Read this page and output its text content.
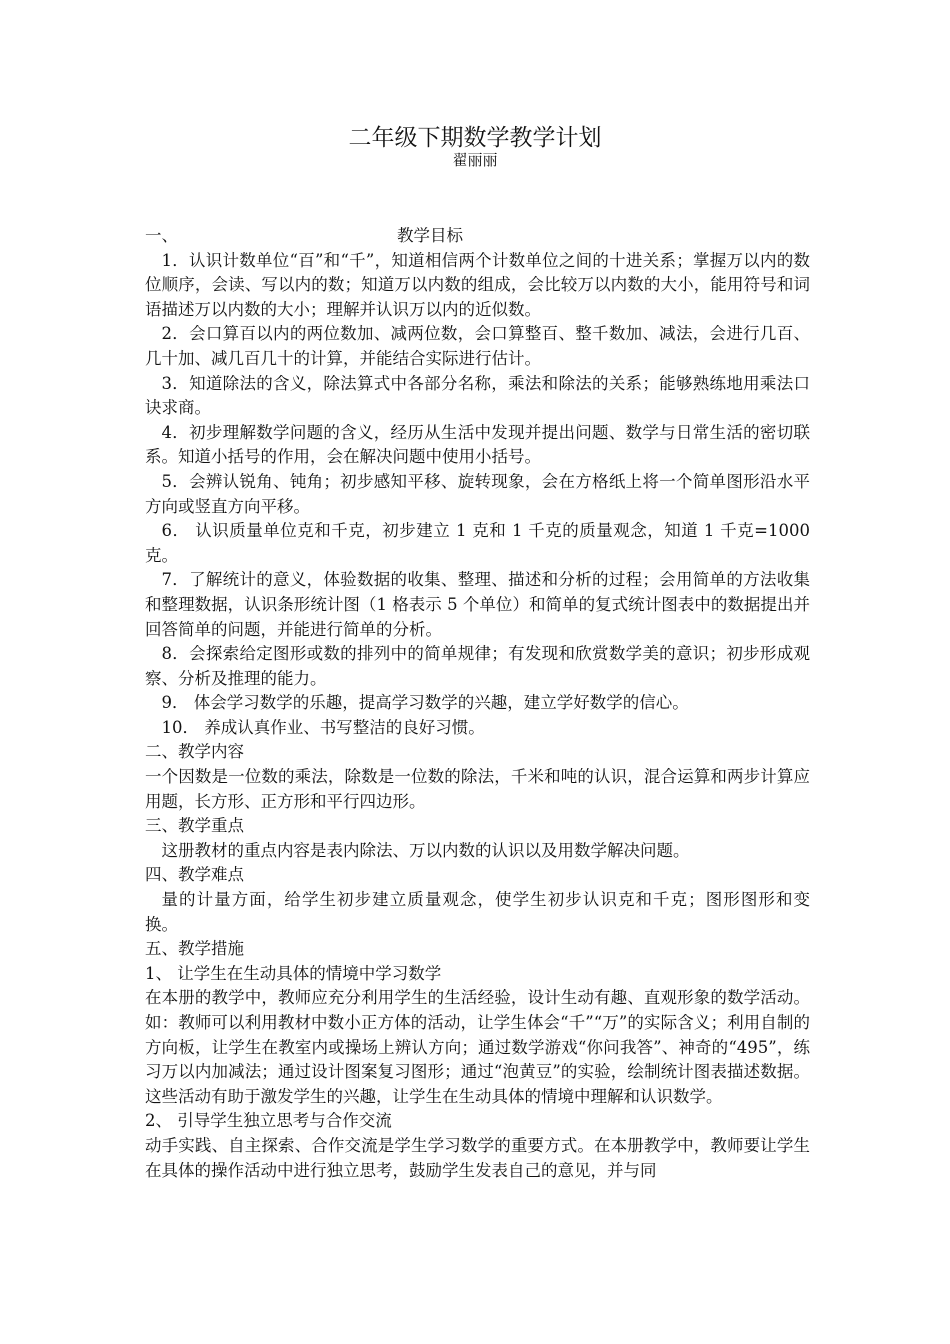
二年级下期数学教学计划
翟丽丽
一、	教学目标

1．认识计数单位“百”和“千”，知道相信两个计数单位之间的十进关系；掌握万以内的数位顺序，会读、写以内的数；知道万以内数的组成，会比较万以内数的大小，能用符号和词语描述万以内数的大小；理解并认识万以内的近似数。

2．会口算百以内的两位数加、减两位数，会口算整百、整千数加、减法，会进行几百、几十加、减几百几十的计算，并能结合实际进行估计。

3．知道除法的含义，除法算式中各部分名称，乘法和除法的关系；能够熟练地用乘法口诀求商。

4．初步理解数学问题的含义，经历从生活中发现并提出问题、数学与日常生活的密切联系。知道小括号的作用，会在解决问题中使用小括号。

5．会辨认锐角、钝角；初步感知平移、旋转现象，会在方格纸上将一个简单图形沿水平方向或竖直方向平移。

6． 认识质量单位克和千克，初步建立 1 克和 1 千克的质量观念，知道 1 千克=1000 克。

7．了解统计的意义，体验数据的收集、整理、描述和分析的过程；会用简单的方法收集和整理数据，认识条形统计图（1 格表示 5 个单位）和简单的复式统计图表中的数据提出并回答简单的问题，并能进行简单的分析。

8．会探索给定图形或数的排列中的简单规律；有发现和欣赏数学美的意识；初步形成观察、分析及推理的能力。

9． 体会学习数学的乐趣，提高学习数学的兴趣，建立学好数学的信心。

10． 养成认真作业、书写整洁的良好习惯。

二、教学内容

一个因数是一位数的乘法，除数是一位数的除法，千米和吨的认识，混合运算和两步计算应用题，长方形、正方形和平行四边形。

三、教学重点

这册教材的重点内容是表内除法、万以内数的认识以及用数学解决问题。

四、教学难点

量的计量方面，给学生初步建立质量观念，使学生初步认识克和千克；图形图形和变　换。

五、教学措施

1、 让学生在生动具体的情境中学习数学

在本册的教学中，教师应充分利用学生的生活经验，设计生动有趣、直观形象的数学活动。如：教师可以利用教材中数小正方体的活动，让学生体会“千”“万”的实际含义；利用自制的方向板，让学生在教室内或操场上辨认方向；通过数学游戏“你问我答”、神奇的“495”，练习万以内加减法；通过设计图案复习图形；通过“泡黄豆”的实验，绘制统计图表描述数据。这些活动有助于激发学生的兴趣，让学生在生动具体的情境中理解和认识数学。

2、 引导学生独立思考与合作交流

动手实践、自主探索、合作交流是学生学习数学的重要方式。在本册教学中，教师要让学生在具体的操作活动中进行独立思考，鼓励学生发表自己的意见，并与同
